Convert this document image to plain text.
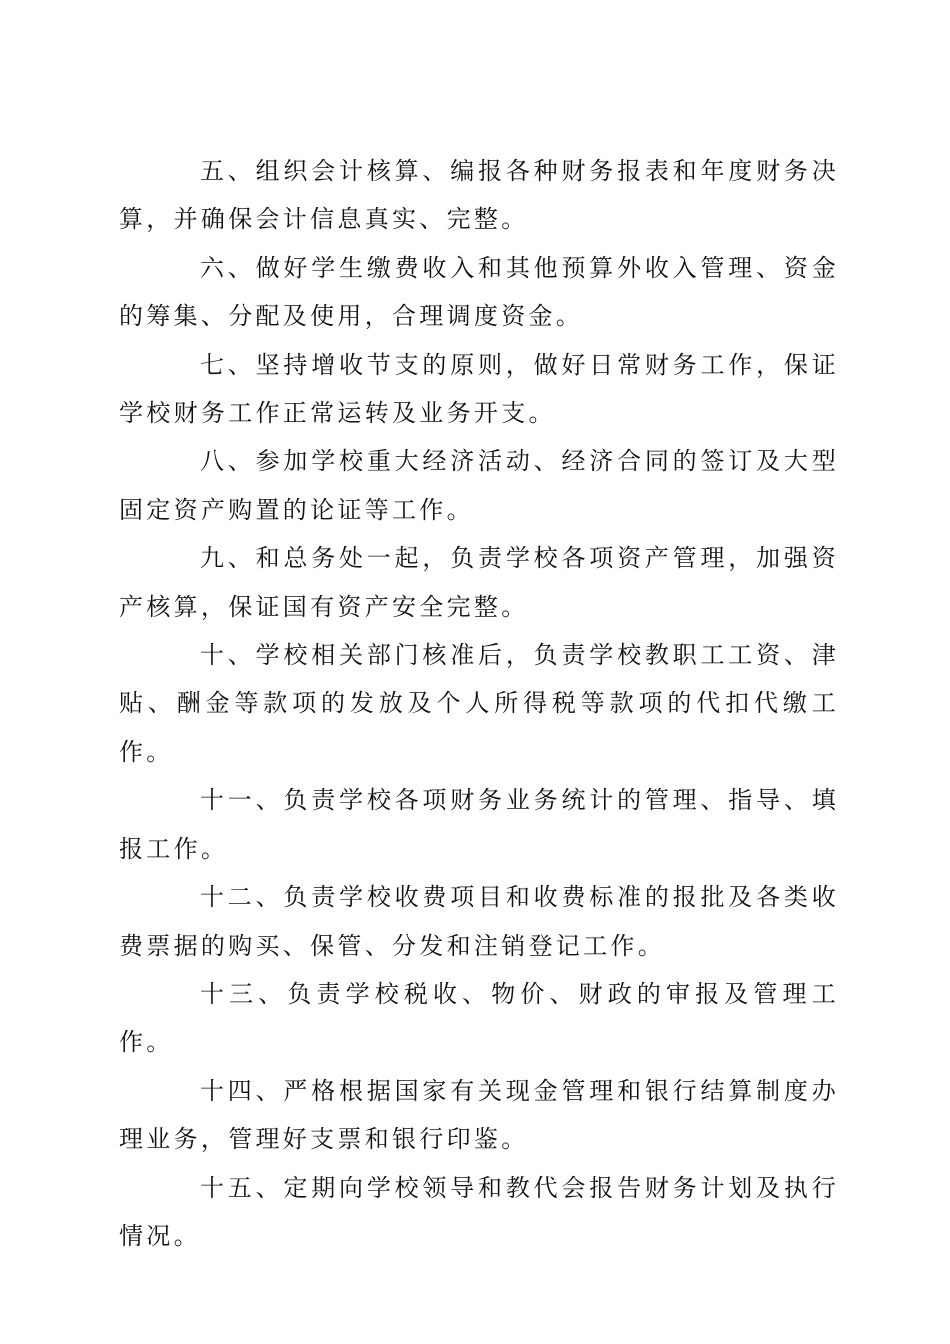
五、组织会计核算、编报各种财务报表和年度财务决算，并确保会计信息真实、完整。

六、做好学生缴费收入和其他预算外收入管理、资金的筹集、分配及使用，合理调度资金。

七、坚持增收节支的原则，做好日常财务工作，保证学校财务工作正常运转及业务开支。

八、参加学校重大经济活动、经济合同的签订及大型固定资产购置的论证等工作。

九、和总务处一起，负责学校各项资产管理，加强资产核算，保证国有资产安全完整。

十、学校相关部门核准后，负责学校教职工工资、津贴、酬金等款项的发放及个人所得税等款项的代扣代缴工作。

十一、负责学校各项财务业务统计的管理、指导、填报工作。

十二、负责学校收费项目和收费标准的报批及各类收费票据的购买、保管、分发和注销登记工作。

十三、负责学校税收、物价、财政的审报及管理工作。

十四、严格根据国家有关现金管理和银行结算制度办理业务，管理好支票和银行印鉴。

十五、定期向学校领导和教代会报告财务计划及执行情况。
